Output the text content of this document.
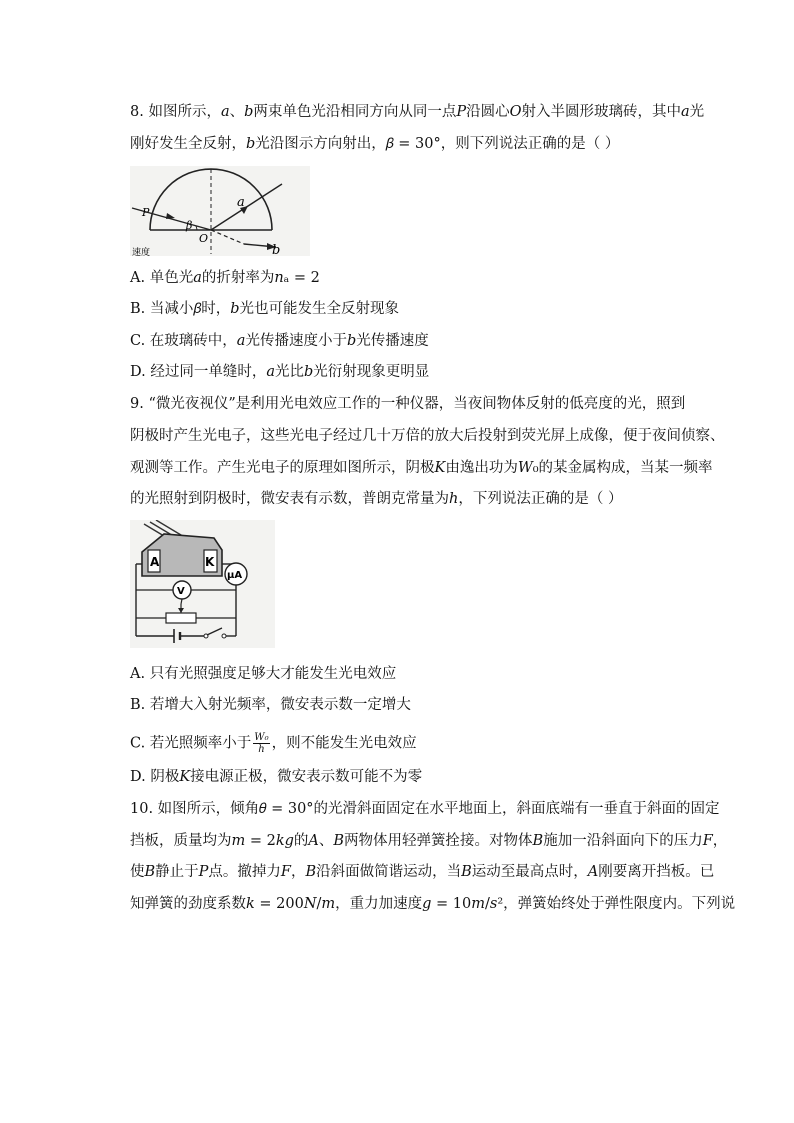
8. 如图所示，𝑎、𝑏两束单色光沿相同方向从同一点𝑃沿圆心𝑂射入半圆形玻璃砖，其中𝑎光
刚好发生全反射，𝑏光沿图示方向射出，𝛽 = 30°，则下列说法正确的是（ ）
P
a
β
O
b
速度
A. 单色光𝑎的折射率为𝑛ₐ = 2
B. 当减小𝛽时，𝑏光也可能发生全反射现象
C. 在玻璃砖中，𝑎光传播速度小于𝑏光传播速度
D. 经过同一单缝时，𝑎光比𝑏光衍射现象更明显
9. “微光夜视仪”是利用光电效应工作的一种仪器，当夜间物体反射的低亮度的光，照到
阴极时产生光电子，这些光电子经过几十万倍的放大后投射到荧光屏上成像，便于夜间侦察、
观测等工作。产生光电子的原理如图所示，阴极𝐾由逸出功为𝑊₀的某金属构成，当某一频率
的光照射到阴极时，微安表有示数，普朗克常量为ℎ，下列说法正确的是（ ）
A	K
μA
V
A. 只有光照强度足够大才能发生光电效应
B. 若增大入射光频率，微安表示数一定增大
C. 若光照频率小于 $\frac{\text{W₀}}{h}$ ，则不能发生光电效应
D. 阴极𝐾接电源正极，微安表示数可能不为零
10. 如图所示，倾角𝜃 = 30°的光滑斜面固定在水平地面上，斜面底端有一垂直于斜面的固定
挡板，质量均为𝑚 = 2𝑘𝑔的𝐴、𝐵两物体用轻弹簧拴接。对物体𝐵施加一沿斜面向下的压力𝐹，
使𝐵静止于𝑃点。撤掉力𝐹，𝐵沿斜面做简谐运动，当𝐵运动至最高点时，𝐴刚要离开挡板。已
知弹簧的劲度系数𝑘 = 200𝑁/𝑚，重力加速度𝑔 = 10𝑚/𝑠²，弹簧始终处于弹性限度内。下列说
